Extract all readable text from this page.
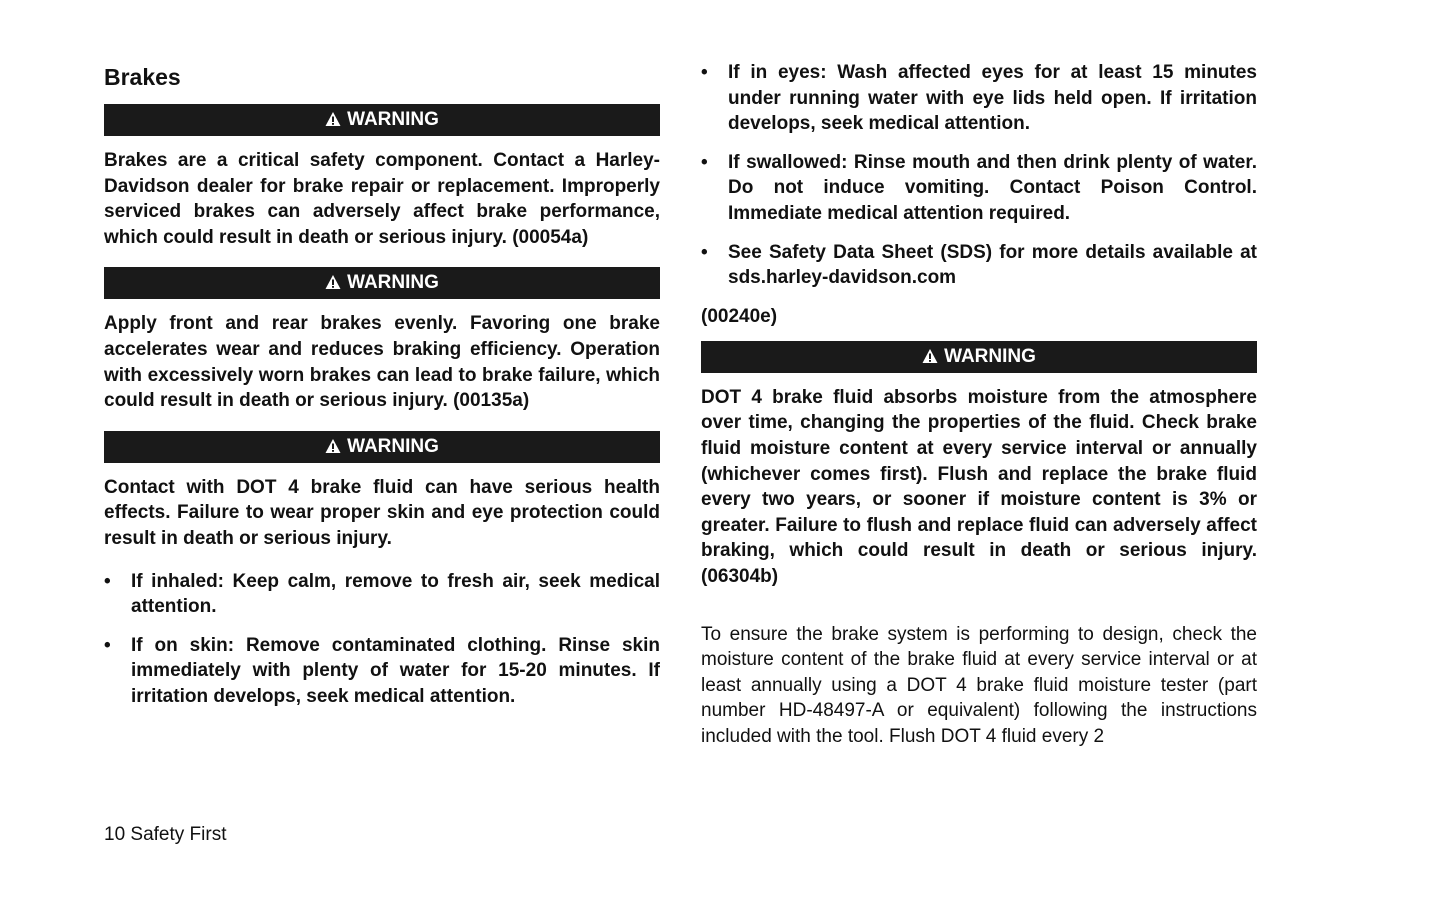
Brakes
WARNING

Brakes are a critical safety component. Contact a Harley-Davidson dealer for brake repair or replacement. Improperly serviced brakes can adversely affect brake performance, which could result in death or serious injury. (00054a)

WARNING

Apply front and rear brakes evenly. Favoring one brake accelerates wear and reduces braking efficiency. Operation with excessively worn brakes can lead to brake failure, which could result in death or serious injury. (00135a)

WARNING

Contact with DOT 4 brake fluid can have serious health effects. Failure to wear proper skin and eye protection could result in death or serious injury.

• If inhaled: Keep calm, remove to fresh air, seek medical attention.
• If on skin: Remove contaminated clothing. Rinse skin immediately with plenty of water for 15-20 minutes. If irritation develops, seek medical attention.
• If in eyes: Wash affected eyes for at least 15 minutes under running water with eye lids held open. If irritation develops, seek medical attention.
• If swallowed: Rinse mouth and then drink plenty of water. Do not induce vomiting. Contact Poison Control. Immediate medical attention required.
• See Safety Data Sheet (SDS) for more details available at sds.harley-davidson.com
(00240e)
WARNING

DOT 4 brake fluid absorbs moisture from the atmosphere over time, changing the properties of the fluid. Check brake fluid moisture content at every service interval or annually (whichever comes first). Flush and replace the brake fluid every two years, or sooner if moisture content is 3% or greater. Failure to flush and replace fluid can adversely affect braking, which could result in death or serious injury. (06304b)

To ensure the brake system is performing to design, check the moisture content of the brake fluid at every service interval or at least annually using a DOT 4 brake fluid moisture tester (part number HD-48497-A or equivalent) following the instructions included with the tool. Flush DOT 4 fluid every 2

10 Safety First
